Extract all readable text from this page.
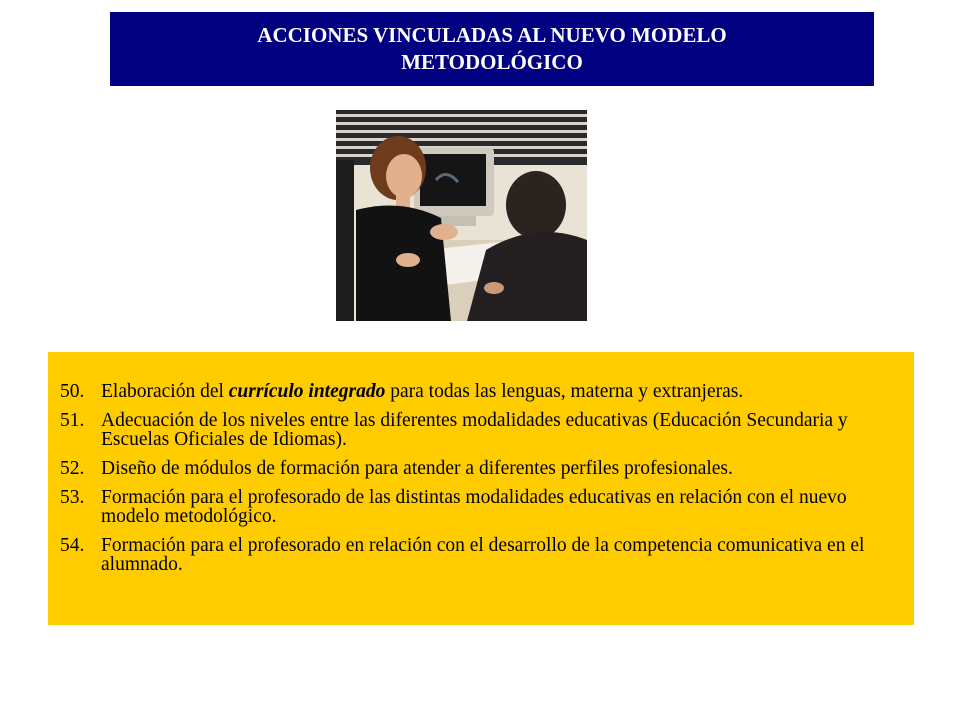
ACCIONES VINCULADAS AL NUEVO MODELO
METODOLÓGICO
50. Elaboración del currículo integrado para todas las lenguas, materna y extranjeras.
51. Adecuación de los niveles entre las diferentes modalidades educativas (Educación Secundaria y Escuelas Oficiales de Idiomas).
52. Diseño de módulos de formación para atender a diferentes perfiles profesionales.
53. Formación para el profesorado de las distintas modalidades educativas en relación con el nuevo modelo metodológico.
54. Formación para el profesorado en relación con el desarrollo de la competencia comunicativa en el alumnado.
